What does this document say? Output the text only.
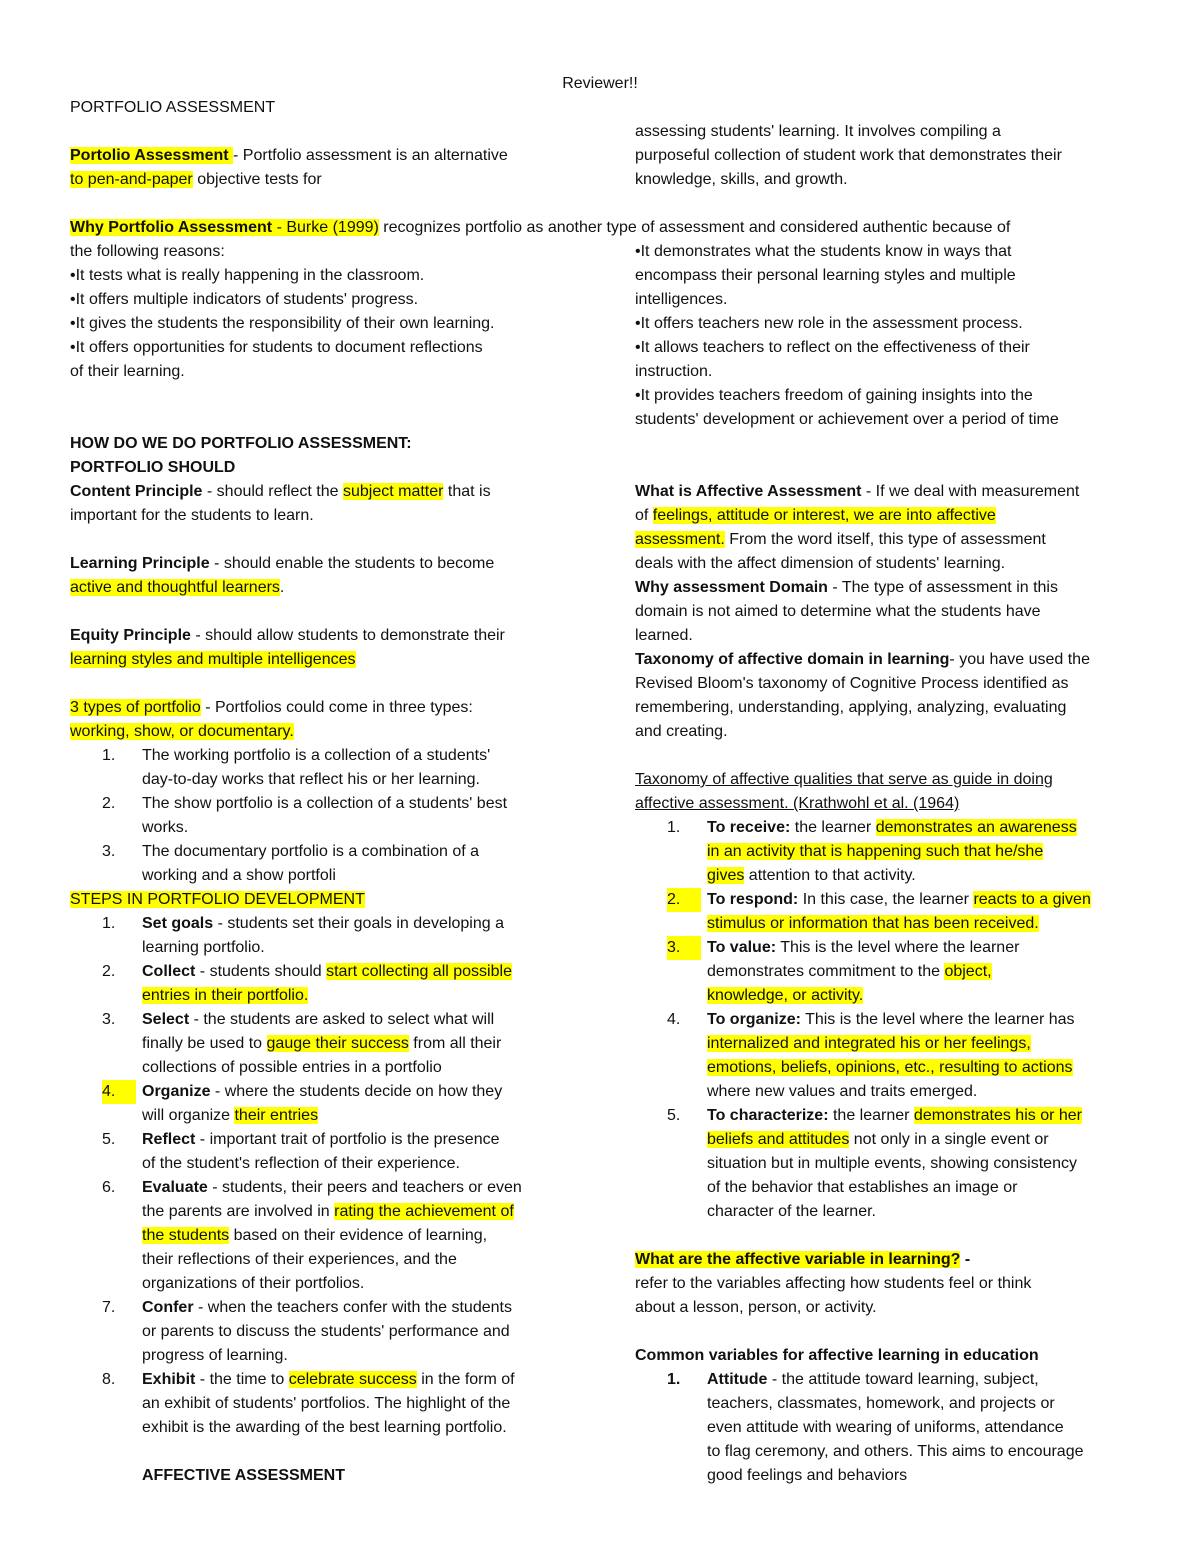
Reviewer!!
PORTFOLIO ASSESSMENT

Portolio Assessment - Portfolio assessment is an alternative

to pen-and-paper objective tests for

assessing students' learning. It involves compiling a

purposeful collection of student work that demonstrates their

knowledge, skills, and growth.

Why Portfolio Assessment - Burke (1999) recognizes portfolio as another type of assessment and considered authentic because of

the following reasons:

•It tests what is really happening in the classroom.

•It offers multiple indicators of students' progress.

•It gives the students the responsibility of their own learning.

•It offers opportunities for students to document reflections

of their learning.

•It demonstrates what the students know in ways that

encompass their personal learning styles and multiple

intelligences.

•It offers teachers new role in the assessment process.

•It allows teachers to reflect on the effectiveness of their

instruction.

•It provides teachers freedom of gaining insights into the

students' development or achievement over a period of time

HOW DO WE DO PORTFOLIO ASSESSMENT:

PORTFOLIO SHOULD

Content Principle - should reflect the subject matter that is

important for the students to learn.

Learning Principle - should enable the students to become

active and thoughtful learners.

Equity Principle - should allow students to demonstrate their

learning styles and multiple intelligences

3 types of portfolio - Portfolios could come in three types:

working, show, or documentary.

1.	The working portfolio is a collection of a students'
day-to-day works that reflect his or her learning.
2.	The show portfolio is a collection of a students' best
works.
3.	The documentary portfolio is a combination of a
working and a show portfoli

STEPS IN PORTFOLIO DEVELOPMENT

1.	Set goals - students set their goals in developing a
learning portfolio.
2.	Collect - students should start collecting all possible
entries in their portfolio.
3.	Select - the students are asked to select what will
finally be used to gauge their success from all their
collections of possible entries in a portfolio
4.	Organize - where the students decide on how they
will organize their entries
5.	Reflect - important trait of portfolio is the presence
of the student's reflection of their experience.
6.	Evaluate - students, their peers and teachers or even
the parents are involved in rating the achievement of
the students based on their evidence of learning,
their reflections of their experiences, and the
organizations of their portfolios.
7.	Confer - when the teachers confer with the students
or parents to discuss the students' performance and
progress of learning.
8.	Exhibit - the time to celebrate success in the form of
an exhibit of students' portfolios. The highlight of the
exhibit is the awarding of the best learning portfolio.

AFFECTIVE ASSESSMENT

What is Affective Assessment - If we deal with measurement

of feelings, attitude or interest, we are into affective

assessment. From the word itself, this type of assessment

deals with the affect dimension of students' learning.

Why assessment Domain - The type of assessment in this

domain is not aimed to determine what the students have

learned.

Taxonomy of affective domain in learning- you have used the

Revised Bloom's taxonomy of Cognitive Process identified as

remembering, understanding, applying, analyzing, evaluating

and creating.

Taxonomy of affective qualities that serve as guide in doing

affective assessment. (Krathwohl et al. (1964)

1.	To receive: the learner demonstrates an awareness
in an activity that is happening such that he/she
gives attention to that activity.
2.	To respond: In this case, the learner reacts to a given
stimulus or information that has been received.
3.	To value: This is the level where the learner
demonstrates commitment to the object,
knowledge, or activity.
4.	To organize: This is the level where the learner has
internalized and integrated his or her feelings,
emotions, beliefs, opinions, etc., resulting to actions
where new values and traits emerged.
5.	To characterize: the learner demonstrates his or her
beliefs and attitudes not only in a single event or
situation but in multiple events, showing consistency
of the behavior that establishes an image or
character of the learner.

What are the affective variable in learning? -

refer to the variables affecting how students feel or think

about a lesson, person, or activity.

Common variables for affective learning in education

1.	Attitude - the attitude toward learning, subject,
teachers, classmates, homework, and projects or
even attitude with wearing of uniforms, attendance
to flag ceremony, and others. This aims to encourage
good feelings and behaviors
